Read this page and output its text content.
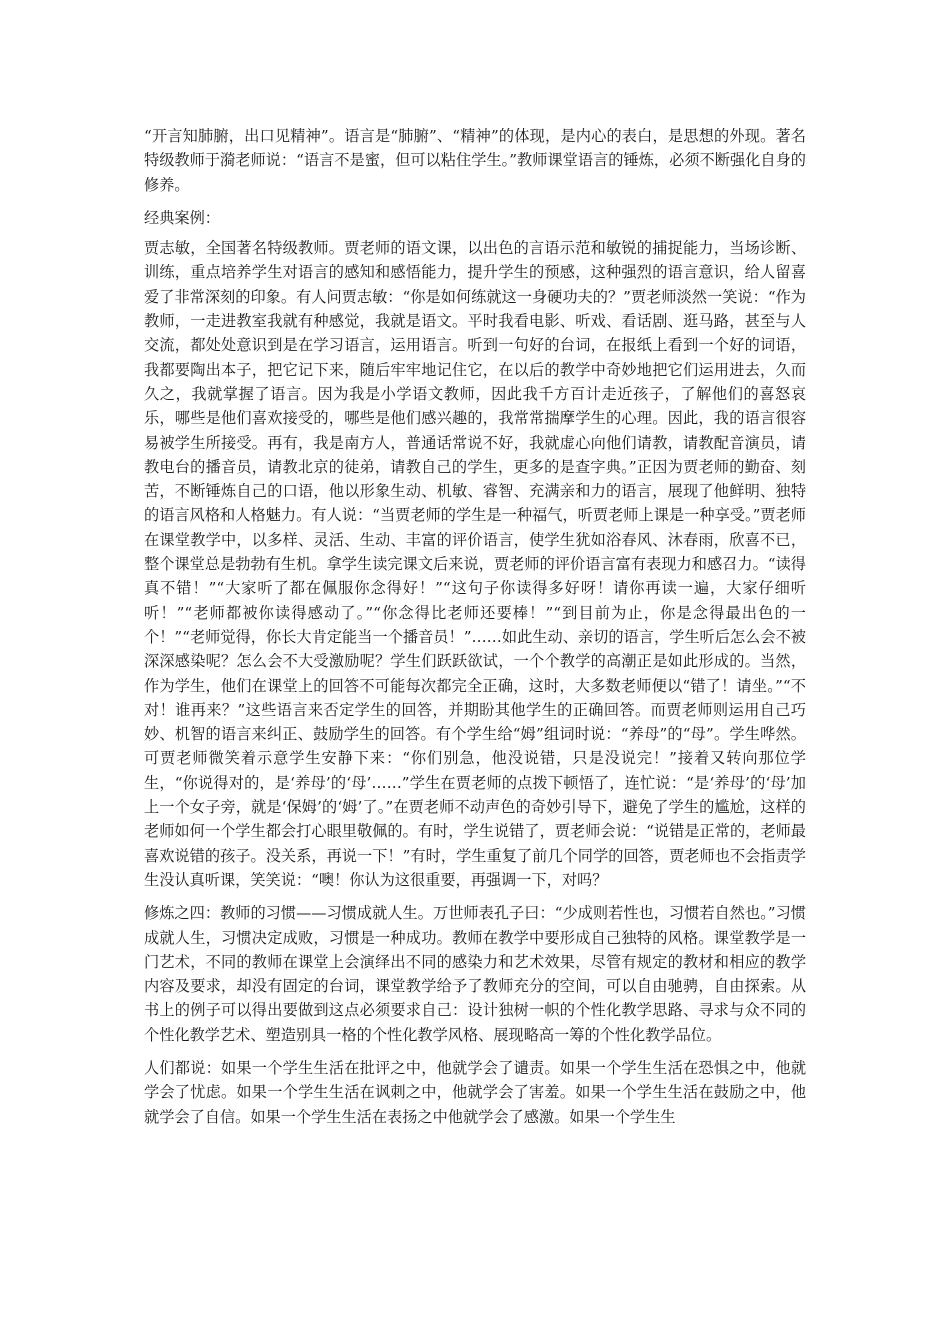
“开言知肺腑，出口见精神”。语言是“肺腑”、“精神”的体现，是内心的表白，是思想的外现。著名特级教师于漪老师说：“语言不是蜜，但可以粘住学生。”教师课堂语言的锤炼，必须不断强化自身的修养。

经典案例：

贾志敏，全国著名特级教师。贾老师的语文课，以出色的言语示范和敏锐的捕捉能力，当场诊断、训练，重点培养学生对语言的感知和感悟能力，提升学生的预感，这种强烈的语言意识，给人留喜爱了非常深刻的印象。有人问贾志敏：“你是如何练就这一身硬功夫的？”贾老师淡然一笑说：“作为教师，一走进教室我就有种感觉，我就是语文。平时我看电影、听戏、看话剧、逛马路，甚至与人交流，都处处意识到是在学习语言，运用语言。听到一句好的台词，在报纸上看到一个好的词语，我都要陶出本子，把它记下来，随后牢牢地记住它，在以后的教学中奇妙地把它们运用进去，久而久之，我就掌握了语言。因为我是小学语文教师，因此我千方百计走近孩子，了解他们的喜怒哀乐，哪些是他们喜欢接受的，哪些是他们感兴趣的，我常常揣摩学生的心理。因此，我的语言很容易被学生所接受。再有，我是南方人，普通话常说不好，我就虚心向他们请教，请教配音演员，请教电台的播音员，请教北京的徒弟，请教自己的学生，更多的是查字典。”正因为贾老师的勤奋、刻苦，不断锤炼自己的口语，他以形象生动、机敏、睿智、充满亲和力的语言，展现了他鲜明、独特的语言风格和人格魅力。有人说：“当贾老师的学生是一种福气，听贾老师上课是一种享受。”贾老师在课堂教学中，以多样、灵活、生动、丰富的评价语言，使学生犹如浴春风、沐春雨，欣喜不已，整个课堂总是勃勃有生机。拿学生读完课文后来说，贾老师的评价语言富有表现力和感召力。“读得真不错！”“大家听了都在佩服你念得好！”“这句子你读得多好呀！请你再读一遍，大家仔细听听！”“老师都被你读得感动了。”“你念得比老师还要棒！”“到目前为止，你是念得最出色的一个！”“老师觉得，你长大肯定能当一个播音员！”……如此生动、亲切的语言，学生听后怎么会不被深深感染呢？怎么会不大受激励呢？学生们跃跃欲试，一个个教学的高潮正是如此形成的。当然，作为学生，他们在课堂上的回答不可能每次都完全正确，这时，大多数老师便以“错了！请坐。”“不对！谁再来？”这些语言来否定学生的回答，并期盼其他学生的正确回答。而贾老师则运用自己巧妙、机智的语言来纠正、鼓励学生的回答。有个学生给“姆”组词时说：“养母”的“母”。学生哗然。可贾老师微笑着示意学生安静下来：“你们别急，他没说错，只是没说完！”接着又转向那位学生，“你说得对的，是‘养母’的‘母’……”学生在贾老师的点拨下顿悟了，连忙说：“是‘养母’的‘母’加上一个女子旁，就是‘保姆’的‘姆’了。”在贾老师不动声色的奇妙引导下，避免了学生的尴尬，这样的老师如何一个学生都会打心眼里敬佩的。有时，学生说错了，贾老师会说：“说错是正常的，老师最喜欢说错的孩子。没关系，再说一下！”有时，学生重复了前几个同学的回答，贾老师也不会指责学生没认真听课，笑笑说：“噢！你认为这很重要，再强调一下，对吗？

修炼之四：教师的习惯——习惯成就人生。万世师表孔子曰：“少成则若性也，习惯若自然也。”习惯成就人生，习惯决定成败，习惯是一种成功。教师在教学中要形成自己独特的风格。课堂教学是一门艺术，不同的教师在课堂上会演绎出不同的感染力和艺术效果，尽管有规定的教材和相应的教学内容及要求，却没有固定的台词，课堂教学给予了教师充分的空间，可以自由驰骋，自由探索。从书上的例子可以得出要做到这点必须要求自己：设计独树一帜的个性化教学思路、寻求与众不同的个性化教学艺术、塑造别具一格的个性化教学风格、展现略高一筹的个性化教学品位。

人们都说：如果一个学生生活在批评之中，他就学会了谴责。如果一个学生生活在恐惧之中，他就学会了忧虑。如果一个学生生活在讽刺之中，他就学会了害羞。如果一个学生生活在鼓励之中，他就学会了自信。如果一个学生生活在表扬之中他就学会了感激。如果一个学生生
